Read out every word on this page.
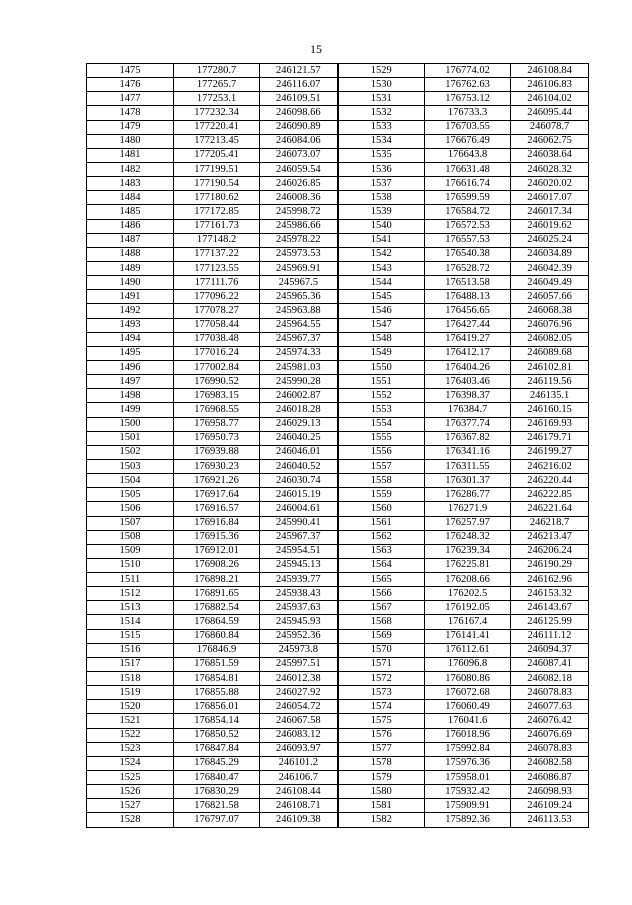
15
1475	177280.7	246121.57	1529	176774.02	246108.84
1476	177265.7	246116.07	1530	176762.63	246106.83
1477	177253.1	246109.51	1531	176753.12	246104.02
1478	177232.34	246098.66	1532	176733.3	246095.44
1479	177220.41	246090.89	1533	176703.55	246078.7
1480	177213.45	246084.06	1534	176676.49	246062.75
1481	177205.41	246073.07	1535	176643.8	246038.64
1482	177199.51	246059.54	1536	176631.48	246028.32
1483	177190.54	246026.85	1537	176616.74	246020.02
1484	177180.62	246008.36	1538	176599.59	246017.07
1485	177172.85	245998.72	1539	176584.72	246017.34
1486	177161.73	245986.66	1540	176572.53	246019.62
1487	177148.2	245978.22	1541	176557.53	246025.24
1488	177137.22	245973.53	1542	176540.38	246034.89
1489	177123.55	245969.91	1543	176528.72	246042.39
1490	177111.76	245967.5	1544	176513.58	246049.49
1491	177096.22	245965.36	1545	176488.13	246057.66
1492	177078.27	245963.88	1546	176456.65	246068.38
1493	177058.44	245964.55	1547	176427.44	246076.96
1494	177038.48	245967.37	1548	176419.27	246082.05
1495	177016.24	245974.33	1549	176412.17	246089.68
1496	177002.84	245981.03	1550	176404.26	246102.81
1497	176990.52	245990.28	1551	176403.46	246119.56
1498	176983.15	246002.87	1552	176398.37	246135.1
1499	176968.55	246018.28	1553	176384.7	246160.15
1500	176958.77	246029.13	1554	176377.74	246169.93
1501	176950.73	246040.25	1555	176367.82	246179.71
1502	176939.88	246046.01	1556	176341.16	246199.27
1503	176930.23	246040.52	1557	176311.55	246216.02
1504	176921.26	246030.74	1558	176301.37	246220.44
1505	176917.64	246015.19	1559	176286.77	246222.85
1506	176916.57	246004.61	1560	176271.9	246221.64
1507	176916.84	245990.41	1561	176257.97	246218.7
1508	176915.36	245967.37	1562	176248.32	246213.47
1509	176912.01	245954.51	1563	176239.34	246206.24
1510	176908.26	245945.13	1564	176225.81	246190.29
1511	176898.21	245939.77	1565	176208.66	246162.96
1512	176891.65	245938.43	1566	176202.5	246153.32
1513	176882.54	245937.63	1567	176192.05	246143.67
1514	176864.59	245945.93	1568	176167.4	246125.99
1515	176860.84	245952.36	1569	176141.41	246111.12
1516	176846.9	245973.8	1570	176112.61	246094.37
1517	176851.59	245997.51	1571	176096.8	246087.41
1518	176854.81	246012.38	1572	176080.86	246082.18
1519	176855.88	246027.92	1573	176072.68	246078.83
1520	176856.01	246054.72	1574	176060.49	246077.63
1521	176854.14	246067.58	1575	176041.6	246076.42
1522	176850.52	246083.12	1576	176018.96	246076.69
1523	176847.84	246093.97	1577	175992.84	246078.83
1524	176845.29	246101.2	1578	175976.36	246082.58
1525	176840.47	246106.7	1579	175958.01	246086.87
1526	176830.29	246108.44	1580	175932.42	246098.93
1527	176821.58	246108.71	1581	175909.91	246109.24
1528	176797.07	246109.38	1582	175892.36	246113.53
